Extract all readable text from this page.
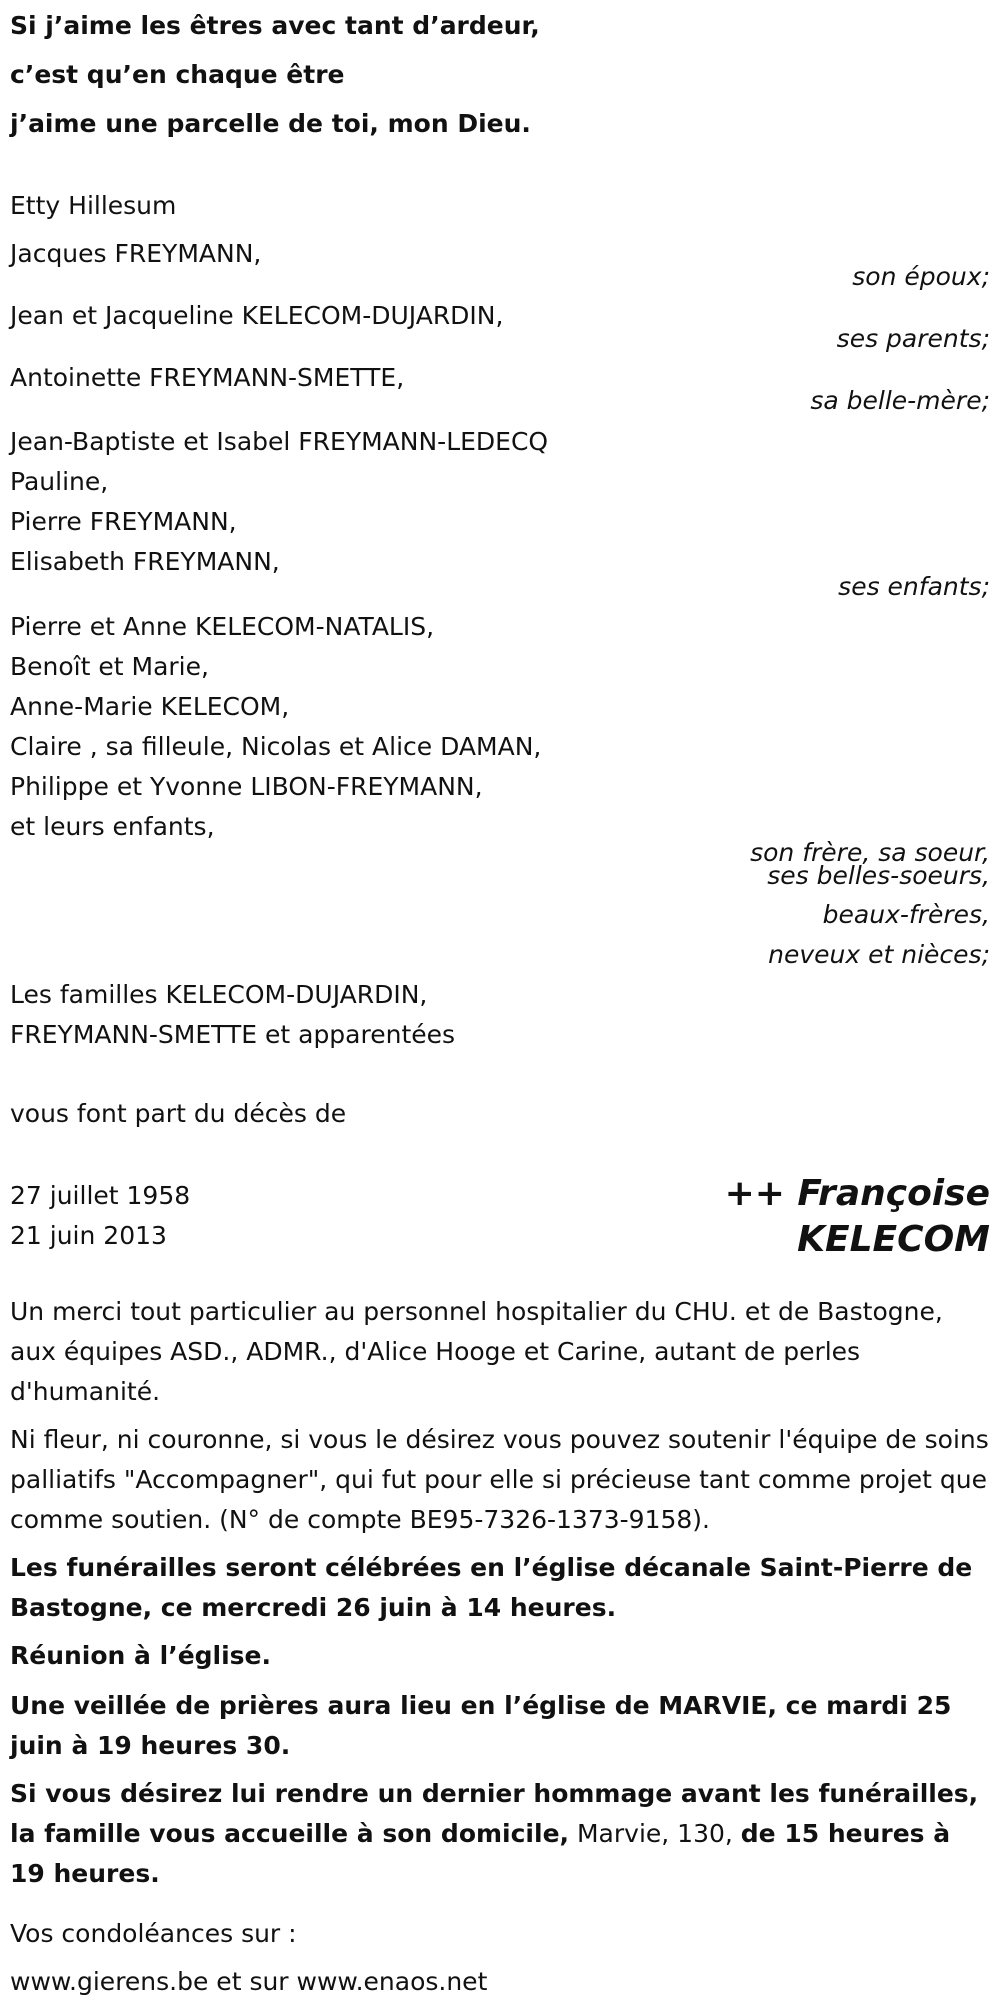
Si j’aime les êtres avec tant d’ardeur,
c’est qu’en chaque être
j’aime une parcelle de toi, mon Dieu.
Etty Hillesum
Jacques FREYMANN,
son époux;
Jean et Jacqueline KELECOM-DUJARDIN,
ses parents;
Antoinette FREYMANN-SMETTE,
sa belle-mère;
Jean-Baptiste et Isabel FREYMANN-LEDECQ
Pauline,
Pierre FREYMANN,
Elisabeth FREYMANN,
ses enfants;
Pierre et Anne KELECOM-NATALIS,
Benoît et Marie,
Anne-Marie KELECOM,
Claire , sa filleule, Nicolas et Alice DAMAN,
Philippe et Yvonne LIBON-FREYMANN,
et leurs enfants,
son frère, sa soeur,
ses belles-soeurs,
beaux-frères,
neveux et nièces;
Les familles KELECOM-DUJARDIN,
FREYMANN-SMETTE et apparentées
vous font part du décès de
27 juillet 1958
21 juin 2013
++ Françoise
KELECOM
Un merci tout particulier au personnel hospitalier du CHU. et de Bastogne, aux équipes ASD., ADMR., d'Alice Hooge et Carine, autant de perles d'humanité.
Ni fleur, ni couronne, si vous le désirez vous pouvez soutenir l'équipe de soins palliatifs "Accompagner", qui fut pour elle si précieuse tant comme projet que comme soutien. (N° de compte BE95-7326-1373-9158).
Les funérailles seront célébrées en l’église décanale Saint-Pierre de Bastogne, ce mercredi 26 juin à 14 heures.
Réunion à l’église.
Une veillée de prières aura lieu en l’église de MARVIE, ce mardi 25 juin à 19 heures 30.
Si vous désirez lui rendre un dernier hommage avant les funérailles, la famille vous accueille à son domicile, Marvie, 130, de 15 heures à 19 heures.
Vos condoléances sur :
www.gierens.be et sur www.enaos.net
